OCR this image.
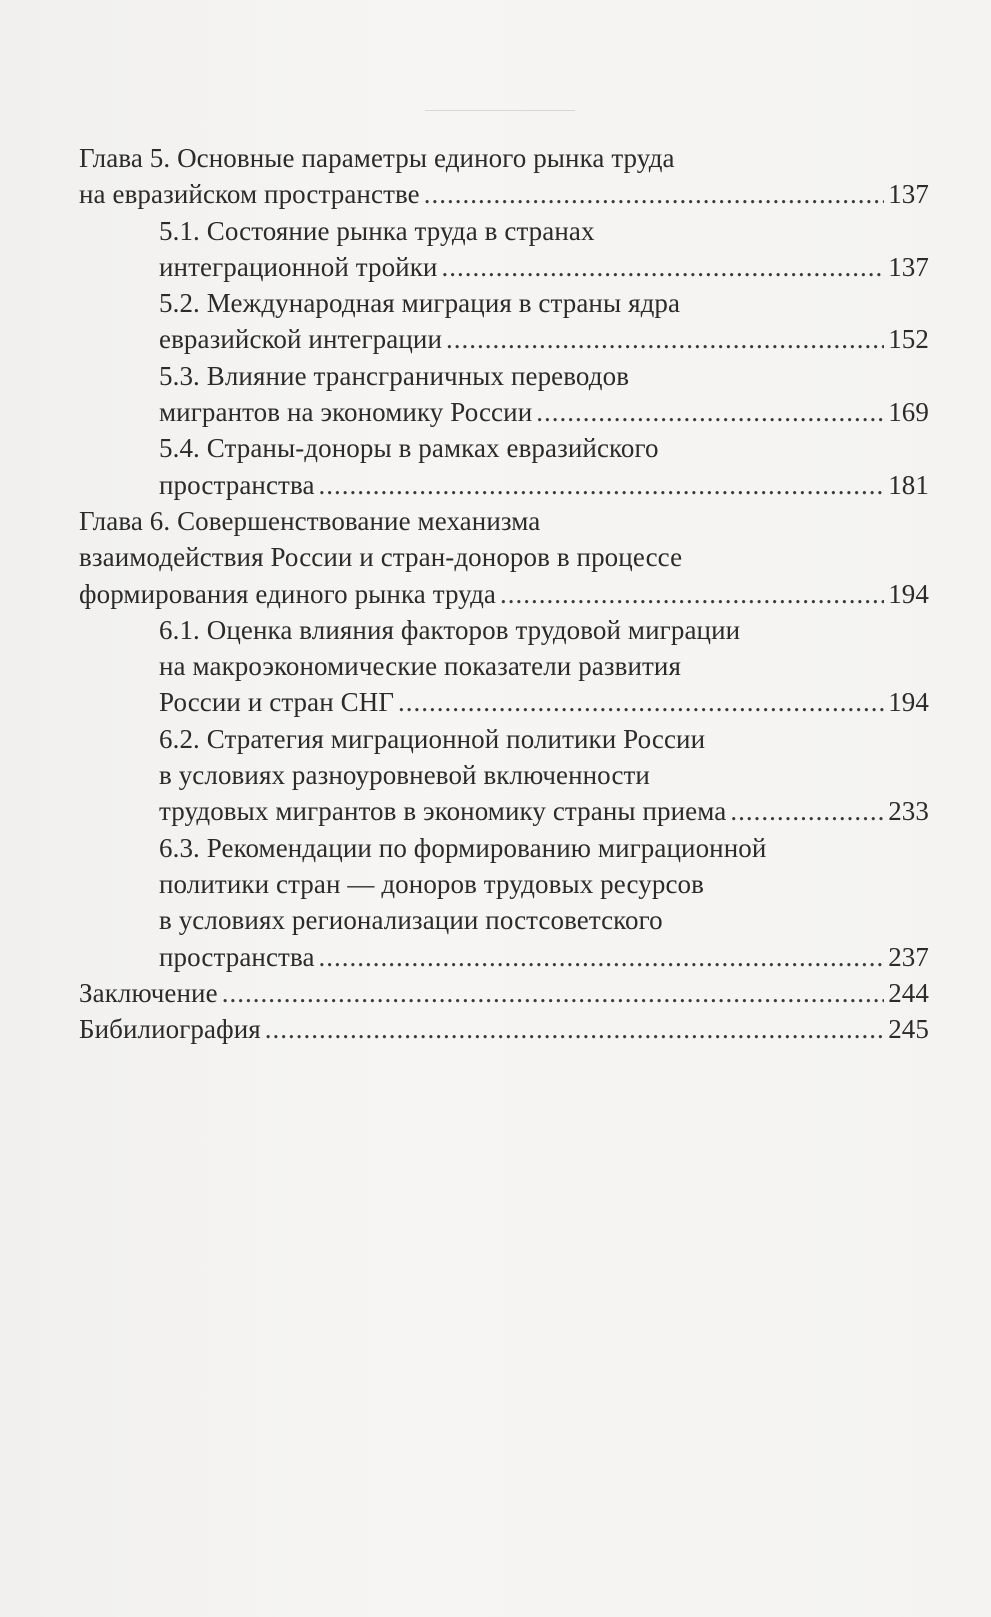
Глава 5. Основные параметры единого рынка труда
на евразийском пространстве .....	137
5.1. Состояние рынка труда в странах
интеграционной тройки .....	137
5.2. Международная миграция в страны ядра
евразийской интеграции .....	152
5.3. Влияние трансграничных переводов
мигрантов на экономику России .....	169
5.4. Страны-доноры в рамках евразийского
пространства .....	181
Глава 6. Совершенствование механизма
взаимодействия России и стран-доноров в процессе
формирования единого рынка труда .....	194
6.1. Оценка влияния факторов трудовой миграции
на макроэкономические показатели развития
России и стран СНГ .....	194
6.2. Стратегия миграционной политики России
в условиях разноуровневой включенности
трудовых мигрантов в экономику страны приема .....	233
6.3. Рекомендации по формированию миграционной
политики стран — доноров трудовых ресурсов
в условиях регионализации постсоветского
пространства .....	237
Заключение .....	244
Бибилиография .....	245
